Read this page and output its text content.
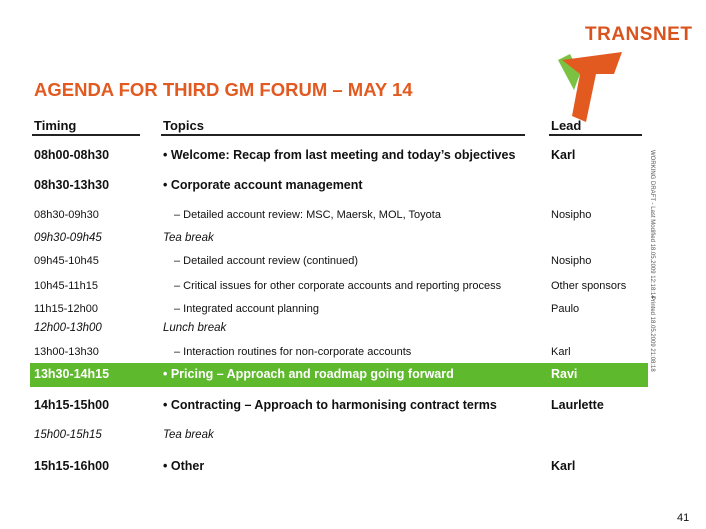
TRANSNET
AGENDA FOR THIRD GM FORUM – MAY 14
Timing	Topics	Lead
08h00-08h30	• Welcome: Recap from last meeting and today’s objectives	Karl
08h30-13h30	• Corporate account management
08h30-09h30	– Detailed account review: MSC, Maersk, MOL, Toyota	Nosipho
09h30-09h45	Tea break
09h45-10h45	– Detailed account review (continued)	Nosipho
10h45-11h15	– Critical issues for other corporate accounts and reporting process	Other sponsors
11h15-12h00	– Integrated account planning	Paulo
12h00-13h00	Lunch break
13h00-13h30	– Interaction routines for non-corporate accounts	Karl
13h30-14h15	• Pricing – Approach and roadmap going forward	Ravi
14h15-15h00	• Contracting – Approach to harmonising contract terms	Laurlette
15h00-15h15	Tea break
15h15-16h00	• Other	Karl
WORKING DRAFT - Last Modified 18.05.2009 12:18:14
Printed 18.05.2009 21:08:18
41
